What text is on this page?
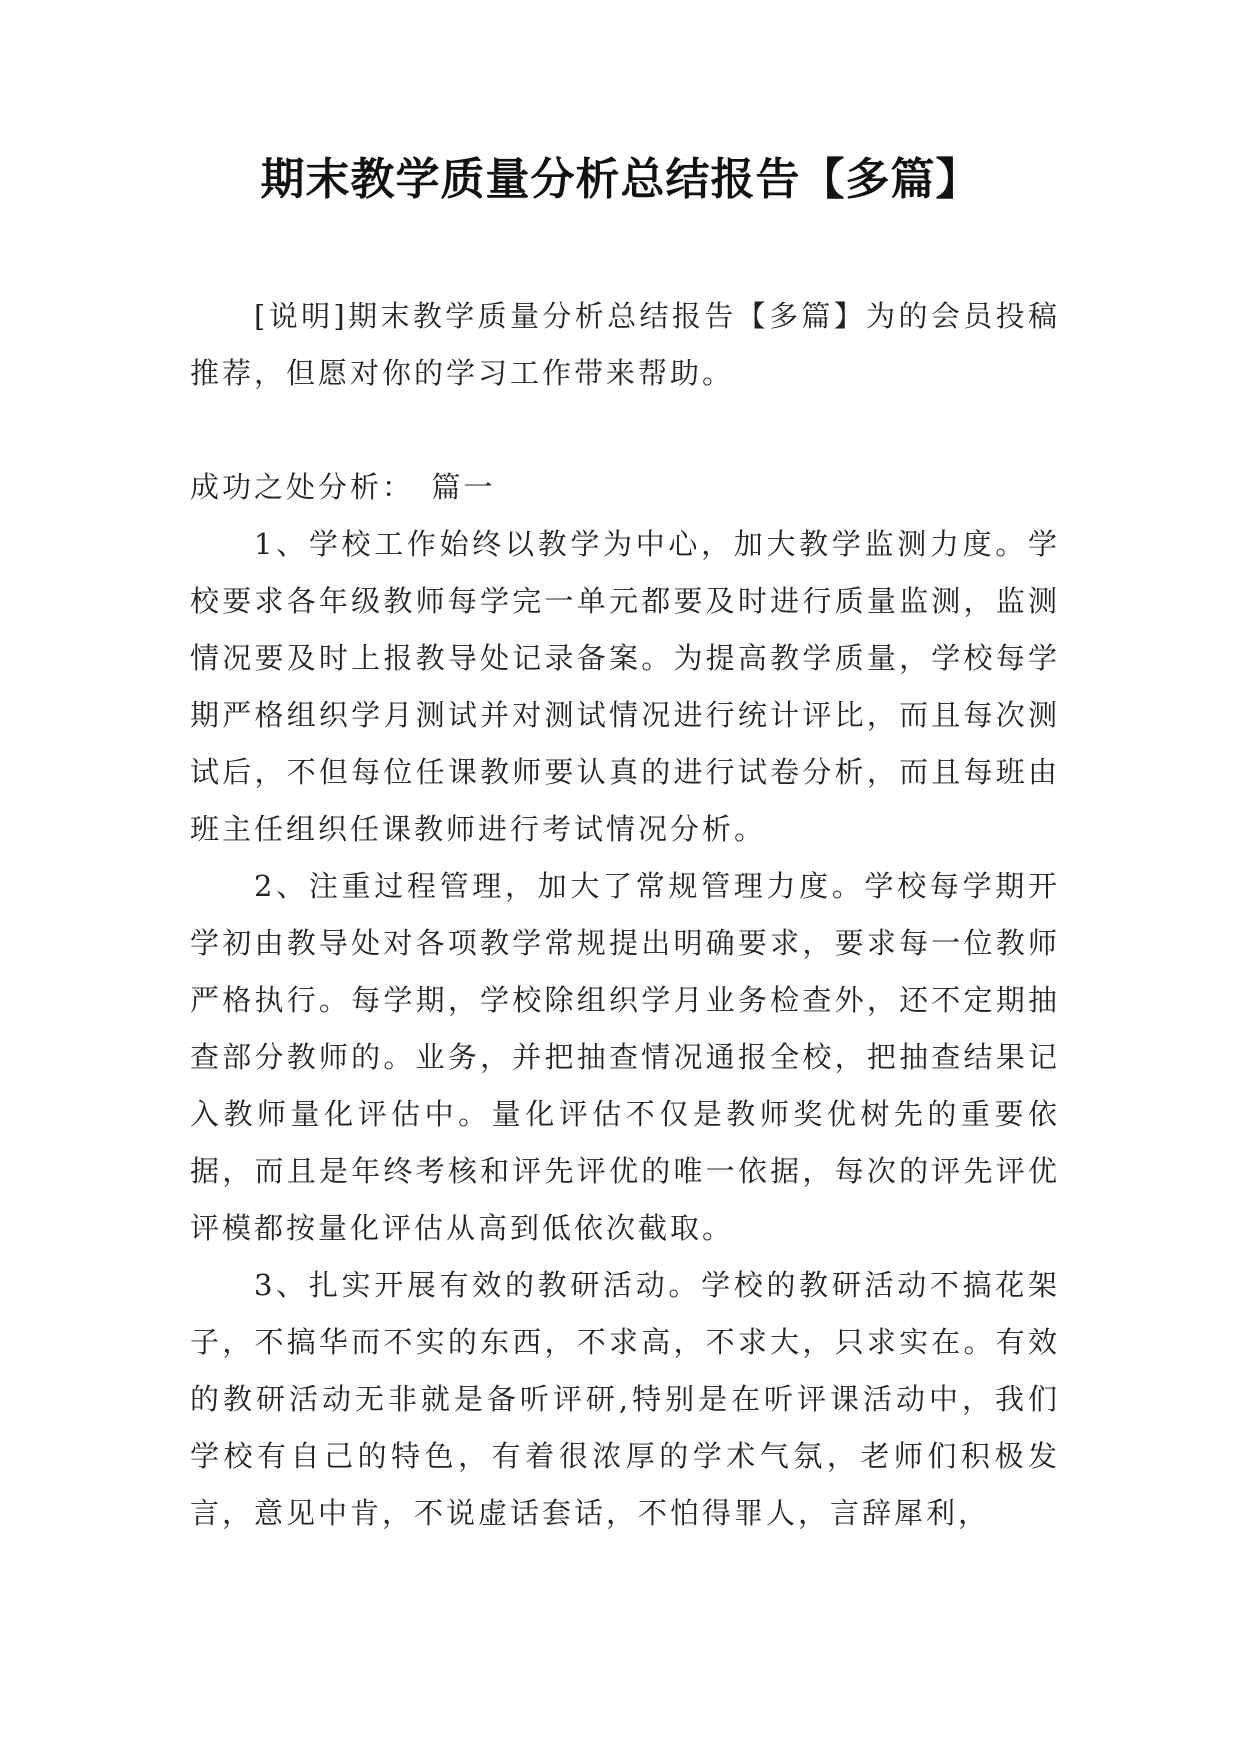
期末教学质量分析总结报告【多篇】

[说明]期末教学质量分析总结报告【多篇】为的会员投稿推荐，但愿对你的学习工作带来帮助。

成功之处分析：　篇一

1、学校工作始终以教学为中心，加大教学监测力度。学校要求各年级教师每学完一单元都要及时进行质量监测，监测情况要及时上报教导处记录备案。为提高教学质量，学校每学期严格组织学月测试并对测试情况进行统计评比，而且每次测试后，不但每位任课教师要认真的进行试卷分析，而且每班由班主任组织任课教师进行考试情况分析。

2、注重过程管理，加大了常规管理力度。学校每学期开学初由教导处对各项教学常规提出明确要求，要求每一位教师严格执行。每学期，学校除组织学月业务检查外，还不定期抽查部分教师的。业务，并把抽查情况通报全校，把抽查结果记入教师量化评估中。量化评估不仅是教师奖优树先的重要依据，而且是年终考核和评先评优的唯一依据，每次的评先评优评模都按量化评估从高到低依次截取。

3、扎实开展有效的教研活动。学校的教研活动不搞花架子，不搞华而不实的东西，不求高，不求大，只求实在。有效的教研活动无非就是备听评研,特别是在听评课活动中，我们学校有自己的特色，有着很浓厚的学术气氛，老师们积极发言，意见中肯，不说虚话套话，不怕得罪人，言辞犀利，
